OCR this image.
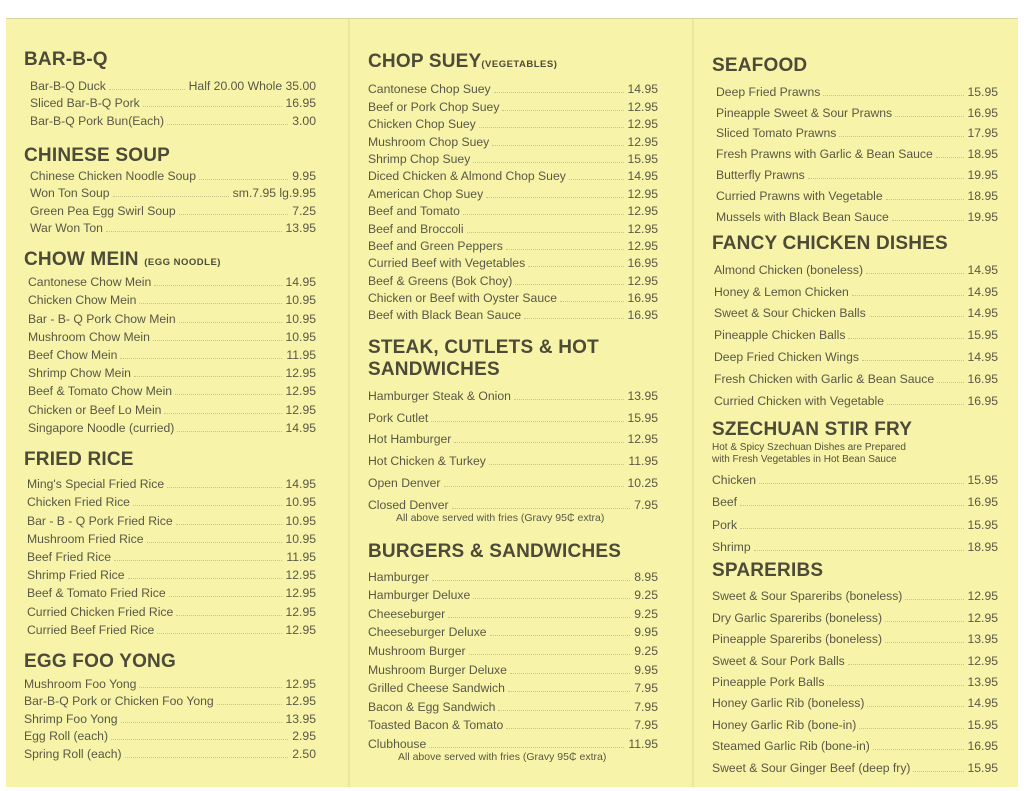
BAR-B-Q
Bar-B-Q Duck	Half 20.00 Whole 35.00
Sliced Bar-B-Q Pork	16.95
Bar-B-Q Pork Bun(Each)	3.00
CHINESE SOUP
Chinese Chicken Noodle Soup	9.95
Won Ton Soup	sm.7.95 lg.9.95
Green Pea Egg Swirl Soup	7.25
War Won Ton	13.95
CHOW MEIN (EGG NOODLE)
Cantonese Chow Mein	14.95
Chicken Chow Mein	10.95
Bar - B- Q Pork Chow Mein	10.95
Mushroom Chow Mein	10.95
Beef Chow Mein	11.95
Shrimp Chow Mein	12.95
Beef & Tomato Chow Mein	12.95
Chicken or Beef Lo Mein	12.95
Singapore Noodle (curried)	14.95
FRIED RICE
Ming's Special Fried Rice	14.95
Chicken Fried Rice	10.95
Bar - B - Q Pork Fried Rice	10.95
Mushroom Fried Rice	10.95
Beef Fried Rice	11.95
Shrimp Fried Rice	12.95
Beef & Tomato Fried Rice	12.95
Curried Chicken Fried Rice	12.95
Curried Beef Fried Rice	12.95
EGG FOO YONG
Mushroom Foo Yong	12.95
Bar-B-Q Pork or Chicken Foo Yong	12.95
Shrimp Foo Yong	13.95
Egg Roll (each)	2.95
Spring Roll (each)	2.50
CHOP SUEY(VEGETABLES)
Cantonese Chop Suey	14.95
Beef or Pork Chop Suey	12.95
Chicken Chop Suey	12.95
Mushroom Chop Suey	12.95
Shrimp Chop Suey	15.95
Diced Chicken & Almond Chop Suey	14.95
American Chop Suey	12.95
Beef and Tomato	12.95
Beef and Broccoli	12.95
Beef and Green Peppers	12.95
Curried Beef with Vegetables	16.95
Beef & Greens (Bok Choy)	12.95
Chicken or Beef with Oyster Sauce	16.95
Beef with Black Bean Sauce	16.95
STEAK, CUTLETS & HOT
SANDWICHES
Hamburger Steak & Onion	13.95
Pork Cutlet	15.95
Hot Hamburger	12.95
Hot Chicken & Turkey	11.95
Open Denver	10.25
Closed Denver	7.95
All above served with fries (Gravy 95₵ extra)
BURGERS & SANDWICHES
Hamburger	8.95
Hamburger Deluxe	9.25
Cheeseburger	9.25
Cheeseburger Deluxe	9.95
Mushroom Burger	9.25
Mushroom Burger Deluxe	9.95
Grilled Cheese Sandwich	7.95
Bacon & Egg Sandwich	7.95
Toasted Bacon & Tomato	7.95
Clubhouse	11.95
All above served with fries (Gravy 95₵ extra)
SEAFOOD
Deep Fried Prawns	15.95
Pineapple Sweet & Sour Prawns	16.95
Sliced Tomato Prawns	17.95
Fresh Prawns with Garlic & Bean Sauce	18.95
Butterfly Prawns	19.95
Curried Prawns with Vegetable	18.95
Mussels with Black Bean Sauce	19.95
FANCY CHICKEN DISHES
Almond Chicken (boneless)	14.95
Honey & Lemon Chicken	14.95
Sweet & Sour Chicken Balls	14.95
Pineapple Chicken Balls	15.95
Deep Fried Chicken Wings	14.95
Fresh Chicken with Garlic & Bean Sauce	16.95
Curried Chicken with Vegetable	16.95
SZECHUAN STIR FRY
Hot & Spicy Szechuan Dishes are Prepared
with Fresh Vegetables in Hot Bean Sauce
Chicken	15.95
Beef	16.95
Pork	15.95
Shrimp	18.95
SPARERIBS
Sweet & Sour Spareribs (boneless)	12.95
Dry Garlic Spareribs (boneless)	12.95
Pineapple Spareribs (boneless)	13.95
Sweet & Sour Pork Balls	12.95
Pineapple Pork Balls	13.95
Honey Garlic Rib (boneless)	14.95
Honey Garlic Rib (bone-in)	15.95
Steamed Garlic Rib (bone-in)	16.95
Sweet & Sour Ginger Beef (deep fry)	15.95
